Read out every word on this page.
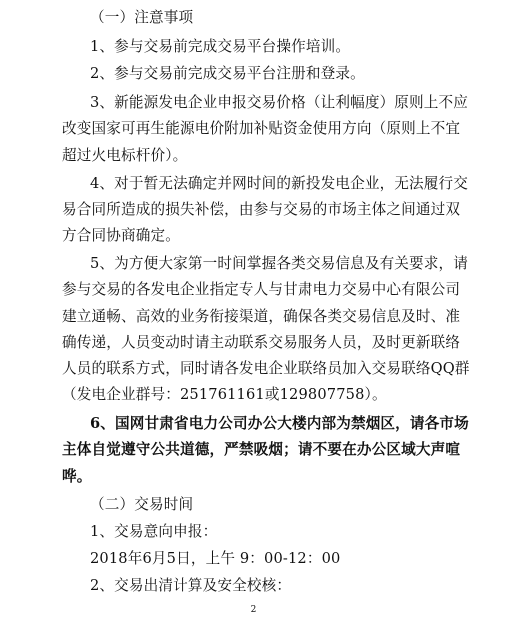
（一）注意事项
1、参与交易前完成交易平台操作培训。
2、参与交易前完成交易平台注册和登录。
3、新能源发电企业申报交易价格（让利幅度）原则上不应
改变国家可再生能源电价附加补贴资金使用方向（原则上不宜
超过火电标杆价）。
4、对于暂无法确定并网时间的新投发电企业，无法履行交
易合同所造成的损失补偿，由参与交易的市场主体之间通过双
方合同协商确定。
5、为方便大家第一时间掌握各类交易信息及有关要求，请
参与交易的各发电企业指定专人与甘肃电力交易中心有限公司
建立通畅、高效的业务衔接渠道，确保各类交易信息及时、准
确传递，人员变动时请主动联系交易服务人员，及时更新联络
人员的联系方式，同时请各发电企业联络员加入交易联络QQ群
（发电企业群号：251761161或129807758）。
6、国网甘肃省电力公司办公大楼内部为禁烟区，请各市场
主体自觉遵守公共道德，严禁吸烟；请不要在办公区域大声喧
哗。
（二）交易时间
1、交易意向申报：
2018年6月5日，上午 9：00-12：00
2、交易出清计算及安全校核：
2
